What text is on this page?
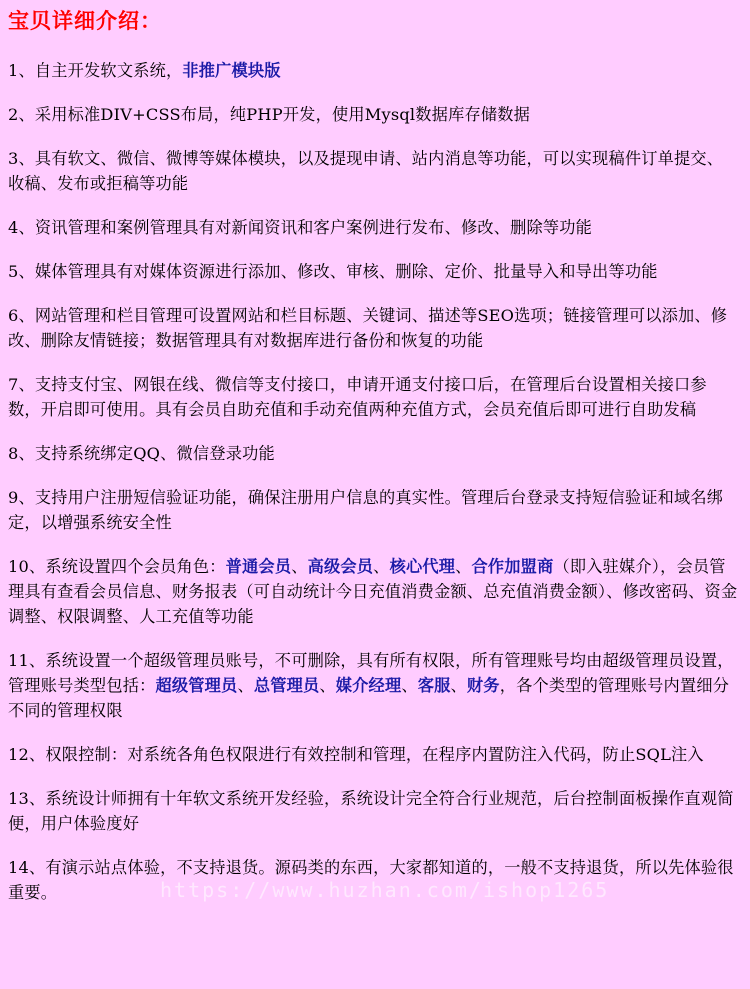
宝贝详细介绍：
1、自主开发软文系统，非推广模块版
2、采用标准DIV+CSS布局，纯PHP开发，使用Mysql数据库存储数据
3、具有软文、微信、微博等媒体模块，以及提现申请、站内消息等功能，可以实现稿件订单提交、收稿、发布或拒稿等功能
4、资讯管理和案例管理具有对新闻资讯和客户案例进行发布、修改、删除等功能
5、媒体管理具有对媒体资源进行添加、修改、审核、删除、定价、批量导入和导出等功能
6、网站管理和栏目管理可设置网站和栏目标题、关键词、描述等SEO选项；链接管理可以添加、修改、删除友情链接；数据管理具有对数据库进行备份和恢复的功能
7、支持支付宝、网银在线、微信等支付接口，申请开通支付接口后，在管理后台设置相关接口参数，开启即可使用。具有会员自助充值和手动充值两种充值方式，会员充值后即可进行自助发稿
8、支持系统绑定QQ、微信登录功能
9、支持用户注册短信验证功能，确保注册用户信息的真实性。管理后台登录支持短信验证和域名绑定，以增强系统安全性
10、系统设置四个会员角色：普通会员、高级会员、核心代理、合作加盟商（即入驻媒介），会员管理具有查看会员信息、财务报表（可自动统计今日充值消费金额、总充值消费金额）、修改密码、资金调整、权限调整、人工充值等功能
11、系统设置一个超级管理员账号，不可删除，具有所有权限，所有管理账号均由超级管理员设置，管理账号类型包括：超级管理员、总管理员、媒介经理、客服、财务，各个类型的管理账号内置细分不同的管理权限
12、权限控制：对系统各角色权限进行有效控制和管理，在程序内置防注入代码，防止SQL注入
13、系统设计师拥有十年软文系统开发经验，系统设计完全符合行业规范，后台控制面板操作直观简便，用户体验度好
14、有演示站点体验，不支持退货。源码类的东西，大家都知道的，一般不支持退货，所以先体验很重要。	https://www.huzhan.com/ishop1265
